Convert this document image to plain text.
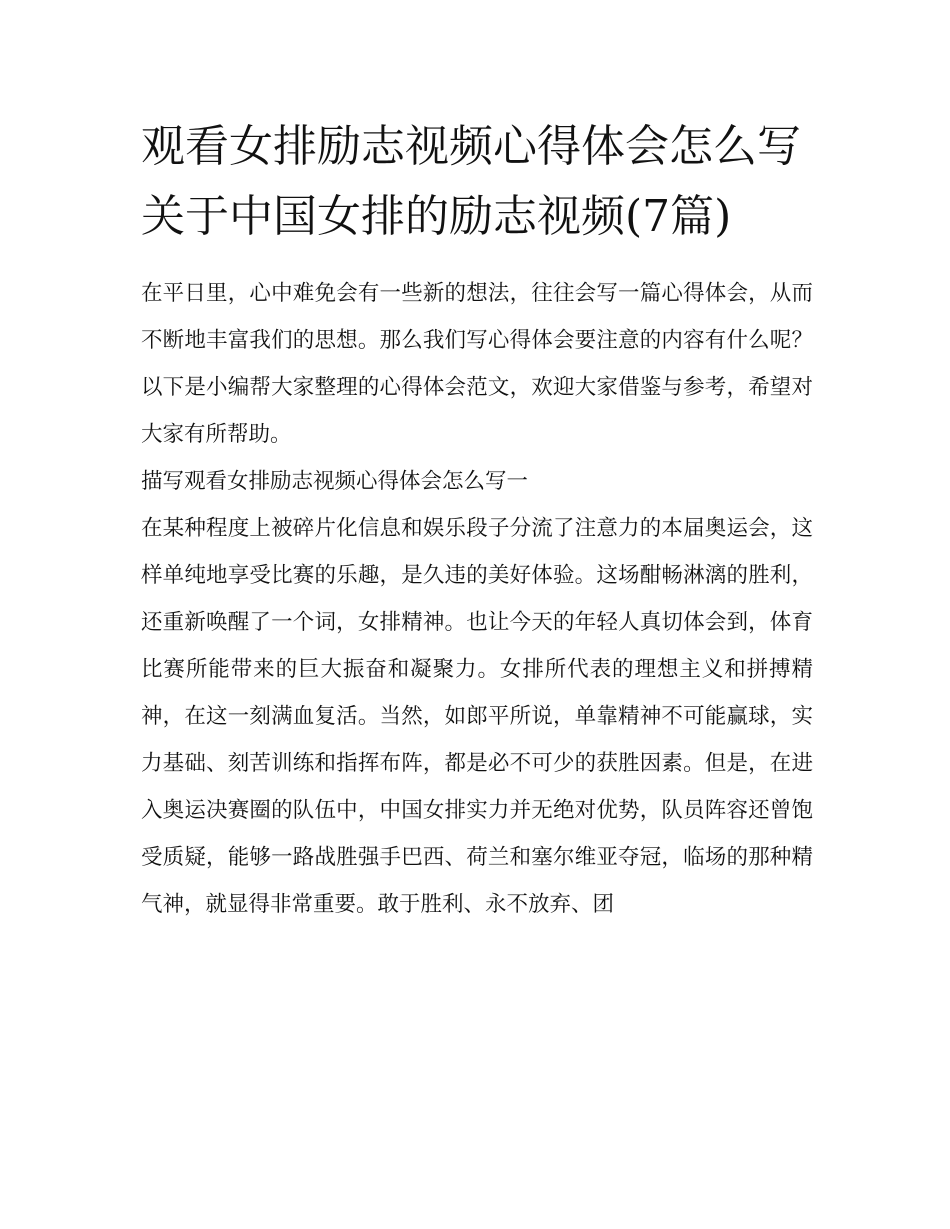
观看女排励志视频心得体会怎么写 关于中国女排的励志视频(7篇)

在平日里，心中难免会有一些新的想法，往往会写一篇心得体会，从而不断地丰富我们的思想。那么我们写心得体会要注意的内容有什么呢？以下是小编帮大家整理的心得体会范文，欢迎大家借鉴与参考，希望对大家有所帮助。

描写观看女排励志视频心得体会怎么写一

在某种程度上被碎片化信息和娱乐段子分流了注意力的本届奥运会，这样单纯地享受比赛的乐趣，是久违的美好体验。这场酣畅淋漓的胜利，还重新唤醒了一个词，女排精神。也让今天的年轻人真切体会到，体育比赛所能带来的巨大振奋和凝聚力。女排所代表的理想主义和拼搏精神，在这一刻满血复活。当然，如郎平所说，单靠精神不可能赢球，实力基础、刻苦训练和指挥布阵，都是必不可少的获胜因素。但是，在进入奥运决赛圈的队伍中，中国女排实力并无绝对优势，队员阵容还曾饱受质疑，能够一路战胜强手巴西、荷兰和塞尔维亚夺冠，临场的那种精气神，就显得非常重要。敢于胜利、永不放弃、团
